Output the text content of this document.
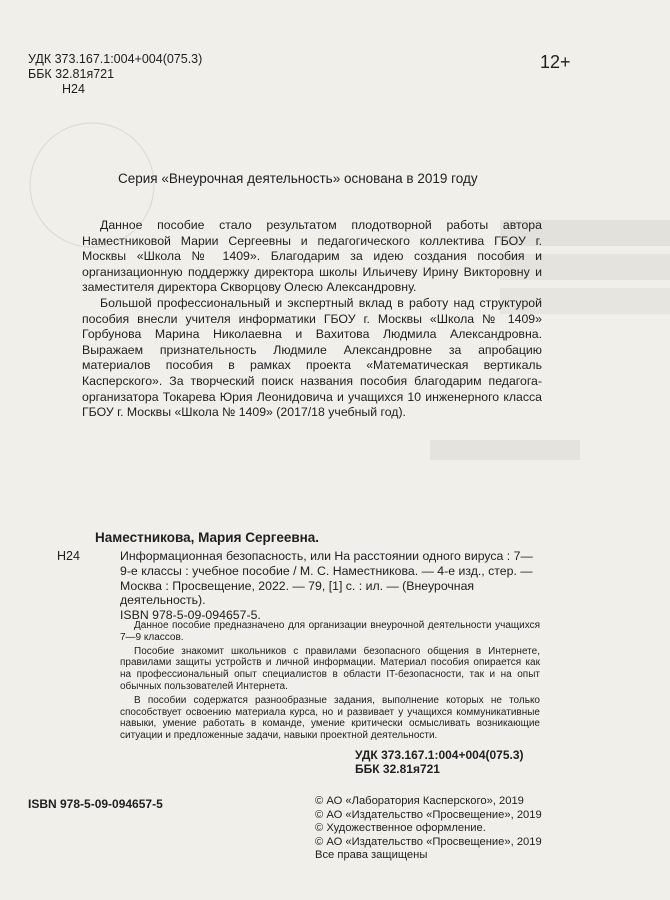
УДК 373.167.1:004+004(075.3)
ББК 32.81я721
Н24
12+
Серия «Внеурочная деятельность» основана в 2019 году
Данное пособие стало результатом плодотворной работы автора Наместниковой Марии Сергеевны и педагогического коллектива ГБОУ г. Москвы «Школа № 1409». Благодарим за идею создания пособия и организационную поддержку директора школы Ильичеву Ирину Викторовну и заместителя директора Скворцову Олесю Александровну.
Большой профессиональный и экспертный вклад в работу над структурой пособия внесли учителя информатики ГБОУ г. Москвы «Школа № 1409» Горбунова Марина Николаевна и Вахитова Людмила Александровна. Выражаем признательность Людмиле Александровне за апробацию материалов пособия в рамках проекта «Математическая вертикаль Касперского». За творческий поиск названия пособия благодарим педагога-организатора Токарева Юрия Леонидовича и учащихся 10 инженерного класса ГБОУ г. Москвы «Школа № 1409» (2017/18 учебный год).
Наместникова, Мария Сергеевна.
Н24	Информационная безопасность, или На расстоянии одного вируса : 7—9-е классы : учебное пособие / М. С. Наместникова. — 4-е изд., стер. — Москва : Просвещение, 2022. — 79, [1] с. : ил. — (Внеурочная деятельность).
ISBN 978-5-09-094657-5.

Данное пособие предназначено для организации внеурочной деятельности учащихся 7—9 классов.

Пособие знакомит школьников с правилами безопасного общения в Интернете, правилами защиты устройств и личной информации. Материал пособия опирается как на профессиональный опыт специалистов в области IT-безопасности, так и на опыт обычных пользователей Интернета.

В пособии содержатся разнообразные задания, выполнение которых не только способствует освоению материала курса, но и развивает у учащихся коммуникативные навыки, умение работать в команде, умение критически осмысливать возникающие ситуации и предложенные задачи, навыки проектной деятельности.

УДК 373.167.1:004+004(075.3)
ББК 32.81я721
ISBN 978-5-09-094657-5	© АО «Лаборатория Касперского», 2019
© АО «Издательство «Просвещение», 2019
© Художественное оформление.
© АО «Издательство «Просвещение», 2019
Все права защищены
